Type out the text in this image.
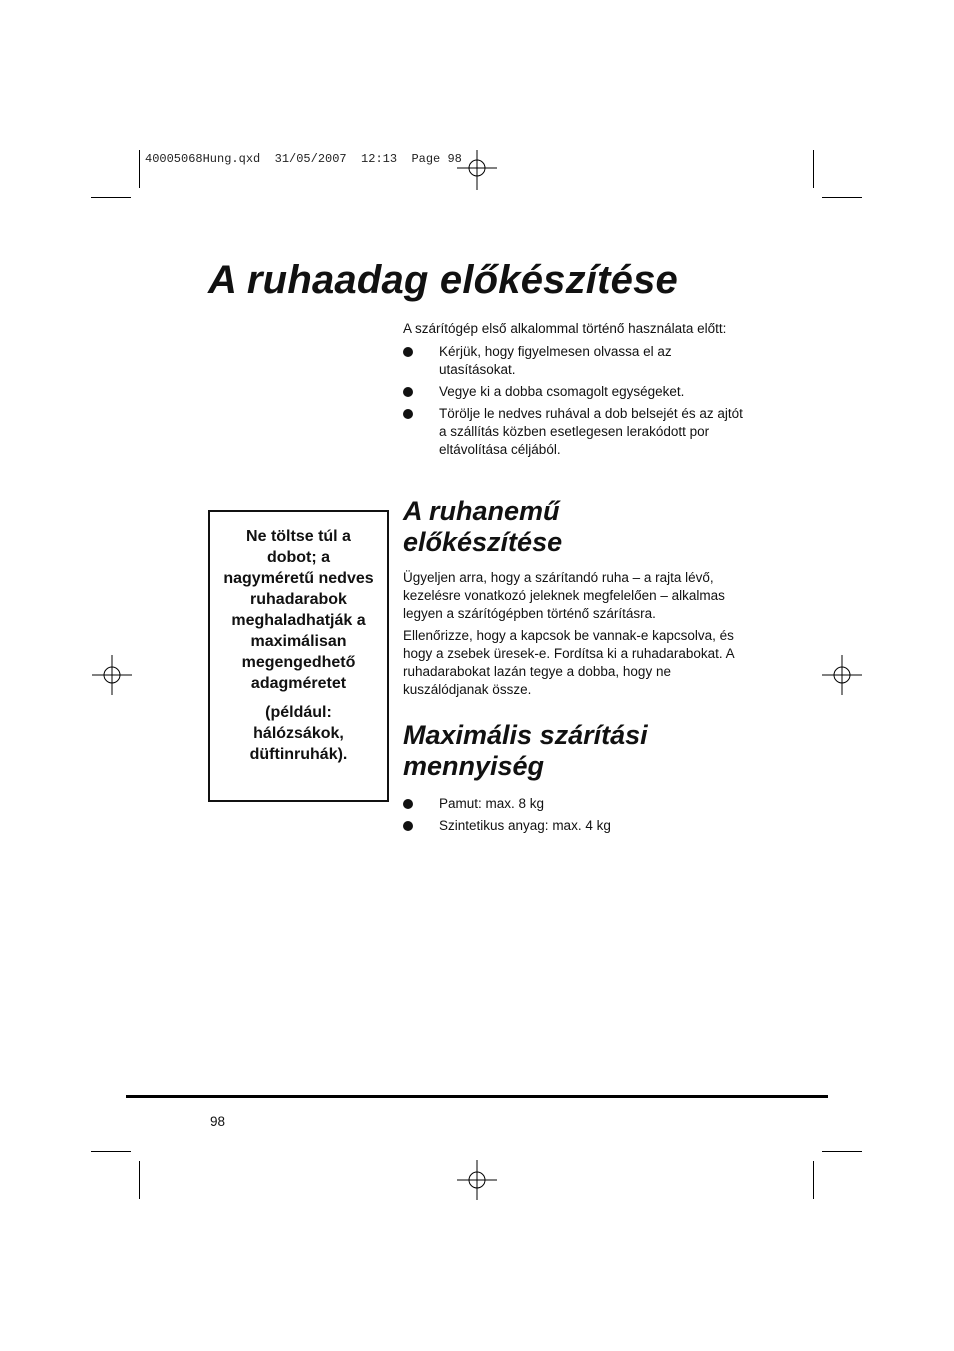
40005068Hung.qxd  31/05/2007  12:13  Page 98
A ruhaadag előkészítése
A szárítógép első alkalommal történő használata előtt:
Kérjük, hogy figyelmesen olvassa el az utasításokat.
Vegye ki a dobba csomagolt egységeket.
Törölje le nedves ruhával a dob belsejét és az ajtót a szállítás közben esetlegesen lerakódott por eltávolítása céljából.
Ne töltse túl a dobot; a nagyméretű nedves ruhadarabok meghaladhatják a maximálisan megengedhető adagméretet
(például: hálózsákok, düftinruhák).
A ruhanemű előkészítése
Ügyeljen arra, hogy a szárítandó ruha – a rajta lévő, kezelésre vonatkozó jeleknek megfelelően – alkalmas legyen a szárítógépben történő szárításra.
Ellenőrizze, hogy a kapcsok be vannak-e kapcsolva, és hogy a zsebek üresek-e. Fordítsa ki a ruhadarabokat. A ruhadarabokat lazán tegye a dobba, hogy ne kuszálódjanak össze.
Maximális szárítási mennyiség
Pamut: max. 8 kg
Szintetikus anyag: max. 4 kg
98
